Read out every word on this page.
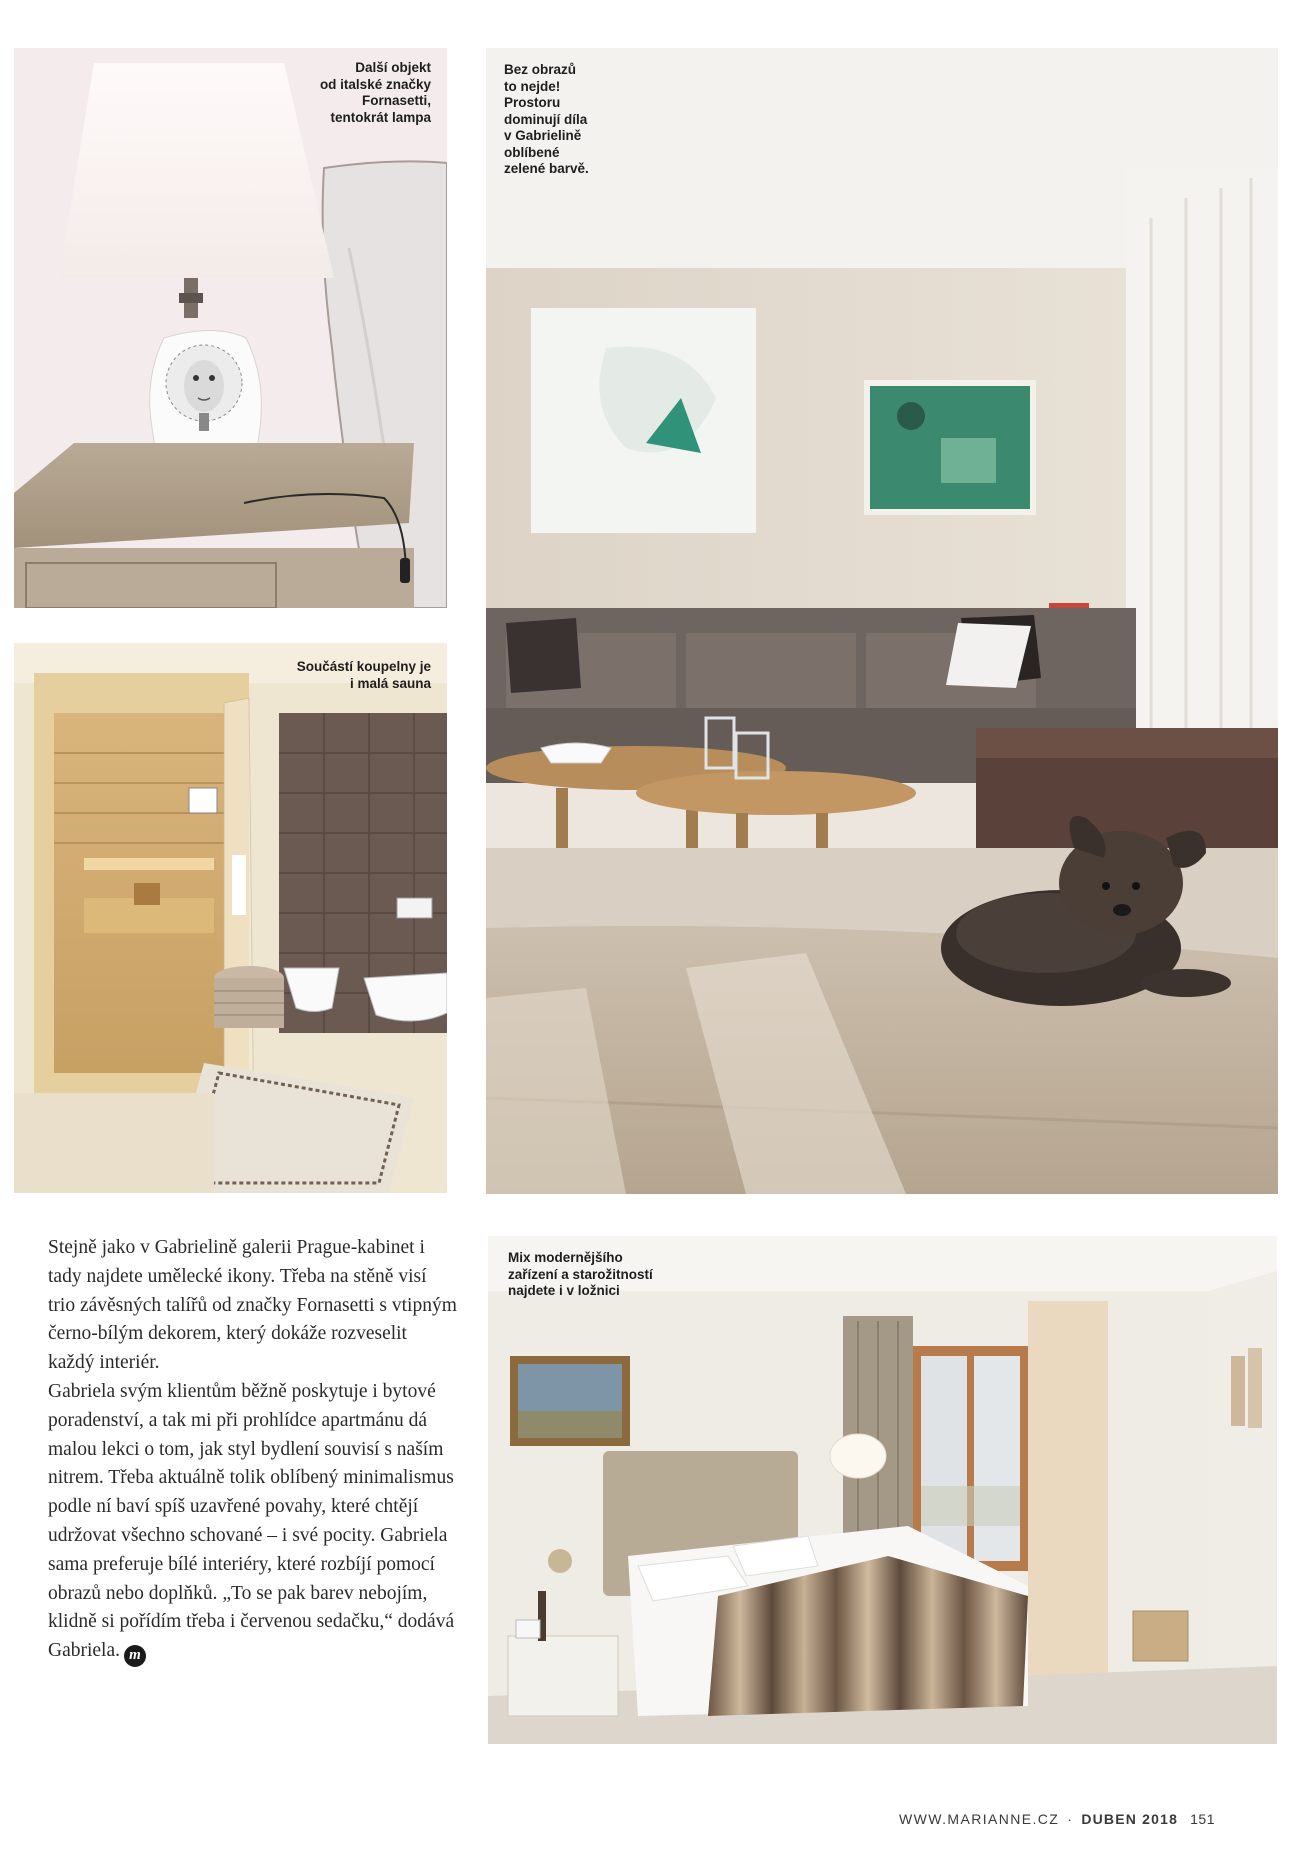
Další objekt
od italské značky
Fornasetti,
tentokrát lampa
Součástí koupelny je
i malá sauna
Bez obrazů
to nejde!
Prostoru
dominují díla
v Gabrielině
oblíbené
zelené barvě.
Mix modernějšího
zařízení a starožitností
najdete i v ložnici

Stejně jako v Gabrielině galerii Prague-kabinet i tady najdete umělecké ikony. Třeba na stěně visí trio závěsných talířů od značky Fornasetti s vtipným černo-bílým dekorem, který dokáže rozveselit každý interiér.

Gabriela svým klientům běžně poskytuje i bytové poradenství, a tak mi při prohlídce apartmánu dá malou lekci o tom, jak styl bydlení souvisí s naším nitrem. Třeba aktuálně tolik oblíbený minimalismus podle ní baví spíš uzavřené povahy, které chtějí udržovat všechno schované – i své pocity. Gabriela sama preferuje bílé interiéry, které rozbíjí pomocí obrazů nebo doplňků. „To se pak barev nebojím, klidně si pořídím třeba i červenou sedačku,“ dodává Gabriela. m

WWW.MARIANNE.CZ · DUBEN 2018 151
